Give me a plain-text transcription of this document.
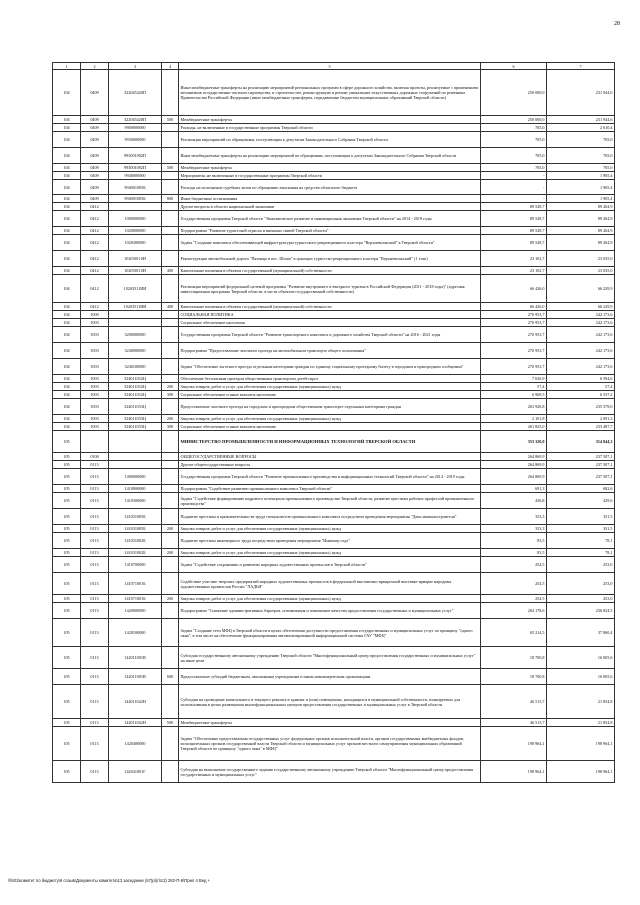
28
1	2	3	4	5	6	7
104	0409	322045420П		Иные межбюджетные трансферты на реализацию мероприятий региональных программ в сфере дорожного хозяйства, включая проекты, реализуемые с применением механизмов государственно-частного партнерства, и строительство, реконструкцию и ремонт уникальных искусственных дорожных сооружений по решениям Правительства Российской Федерации (иные межбюджетные трансферты, передаваемые бюджетам муниципальных образований Тверской области)	250 000,0	231 944,6
104	0409	322045420П	500	Межбюджетные трансферты	250 000,0	231 944,6
104	0409	9900000000		Расходы, не включенные в государственные программы Тверской области	705,0	2 610,4
104	0409	9930000000		Реализация мероприятий по обращениям, поступающим к депутатам Законодательного Собрания Тверской области	705,0	705,0
104	0409	993001092П		Иные межбюджетные трансферты на реализацию мероприятий по обращениям, поступающим к депутатам Законодательного Собрания Тверской области	705,0	705,0
104	0409	993001092П	500	Межбюджетные трансферты	705,0	705,0
104	0409	9940000000		Мероприятия, не включенные в государственные программы Тверской области	-	1 905,4
104	0409	994001005Б		Расходы на исполнение судебных актов по обращению взыскания на средства областного бюджета	-	1 905,4
104	0409	994001005Б	800	Иные бюджетные ассигнования	-	1 905,4
104	0412			Другие вопросы в области национальной экономики	89 528,7	89 264,9
104	0412	1000000000		Государственная программа Тверской области "Экономическое развитие и инновационная экономика Тверской области" на 2014 - 2019 годы	89 528,7	89 264,9
104	0412	1020000000		Подпрограмма "Развитие туристской отрасли и внешних связей Тверской области"	89 528,7	89 264,9
104	0412	1020300000		Задача "Создание комплекса обеспечивающей инфраструктуры туристского-рекреационного кластера "Верхневолжский" в Тверской области"	89 528,7	89 264,9
104	0412	102038110И		Реконструкция автомобильной дороги "Пятница в пос. Шоша" в границах туристско-рекреационного кластера "Верхневолжский" (1 этап)	23 102,7	23 035,0
104	0412	102038110И	400	Капитальные вложения в объекты государственной (муниципальной) собственности	23 102,7	23 035,0
104	0412	10203511ИИ		Реализация мероприятий федеральной целевой программы "Развитие внутреннего и въездного туризма в Российской Федерации (2011 - 2018 годы)" (адресная инвестиционная программа Тверской области, в части объектов государственной собственности)	66 426,0	66 229,9
104	0412	10203511ИИ	400	Капитальные вложения в объекты государственной (муниципальной) собственности	66 426,0	66 229,9
104	1000			СОЦИАЛЬНАЯ ПОЛИТИКА	270 953,7	242 173,6
104	1003			Социальное обеспечение населения	270 953,7	242 173,6
104	1003	3200000000		Государственная программа Тверской области "Развитие транспортного комплекса и дорожного хозяйства Тверской области" на 2016 - 2021 годы	270 953,7	242 173,6
104	1003	3240000000		Подпрограмма "Предоставление льготного проезда на автомобильном транспорте общего пользования"	270 953,7	242 173,6
104	1003	3240100000		Задача "Обеспечение льготного проезда отдельным категориям граждан по единому социальному проездному билету в городском и пригородном сообщении"	270 953,7	242 173,6
104	1003	324011032Ц		Обеспечение бесплатным проездом общественным транспортом детей-сирот	7 026,9	6 594,6
104	1003	324011032Ц	200	Закупка товаров, работ и услуг для обеспечения государственных (муниципальных) нужд	57,4	57,4
104	1003	324011032Ц	300	Социальное обеспечение и иные выплаты населению	6 969,5	6 537,2
104	1003	324011033Ц		Предоставление льготного проезда на городском и пригородном общественном транспорте отдельным категориям граждан	263 926,8	235 579,0
104	1003	324011033Ц	200	Закупка товаров, работ и услуг для обеспечения государственных (муниципальных) нужд	2 101,8	2 091,3
104	1003	324011033Ц	300	Социальное обеспечение и иные выплаты населению	261 825,0	233 487,7
105				МИНИСТЕРСТВО ПРОМЫШЛЕННОСТИ И ИНФОРМАЦИОННЫХ ТЕХНОЛОГИЙ ТВЕРСКОЙ ОБЛАСТИ	353 320,0	314 044,3
105	0100			ОБЩЕГОСУДАРСТВЕННЫЕ ВОПРОСЫ	264 869,9	237 507,1
105	0113			Другие общегосударственные вопросы	264 869,9	237 507,1
105	0113	1400000000		Государственная программа Тверской области "Развитие промышленного производства и информационных технологий Тверской области" на 2014 - 2019 годы	264 869,9	237 507,1
105	0113	1410000000		Подпрограмма "Содействие развитию промышленного комплекса Тверской области"	691,3	682,6
105	0113	1410300000		Задача "Содействие формированию кадрового потенциала промышленного производства Тверской области, развитие престижа рабочих профессий промышленного производства"	436,8	429,6
105	0113	141031005Б		Поднятие престижа и привлекательности труда специалистов промышленного комплекса посредством проведения мероприятия "День машиностроителя"	353,3	351,5
105	0113	141031005Б	200	Закупка товаров, работ и услуг для обеспечения государственных (муниципальных) нужд	353,3	351,5
105	0113	141031002Б		Поднятие престижа инженерного труда посредством проведения мероприятия "Инженер года"	83,5	78,1
105	0113	141031002Б	200	Закупка товаров, работ и услуг для обеспечения государственных (муниципальных) нужд	83,5	78,1
105	0113	1410700000		Задача "Содействие сохранению и развитию народных художественных промыслов в Тверской области"	254,5	253,0
105	0113	141071001Б		Содействие участию тверских предприятий народных художественных промыслов в федеральной выставочно-ярмарочной выставке-ярмарке народных художественных промыслов России "ЛАДЬЯ"	254,5	253,0
105	0113	141071001Б	200	Закупка товаров, работ и услуг для обеспечения государственных (муниципальных) нужд	254,5	253,0
105	0113	1420000000		Подпрограмма "Снижение административных барьеров, оптимизация и повышение качества предоставления государственных и муниципальных услуг"	264 178,6	236 824,5
105	0113	1420100000		Задача "Создание сети МФЦ в Тверской области в целях обеспечения доступности предоставления государственных и муниципальных услуг по принципу "одного окна", в том числе на обеспечение функционирования автоматизированной информационной системы ГАУ "МФЦ"	65 214,5	37 860,4
105	0113	142011001В		Субсидия государственному автономному учреждению Тверской области "Многофункциональный центр предоставления государственных и муниципальных услуг" на иные цели	18 700,8	16 005,6
105	0113	142011001В	600	Предоставление субсидий бюджетным, автономным учреждениям и иным некоммерческим организациям	18 700,8	16 005,6
105	0113	142011042Н		Субсидии на проведение капитального и текущего ремонта в зданиях и (или) помещениях, находящихся в муниципальной собственности, планируемых для использования в целях размещения многофункциональных центров предоставления государственных и муниципальных услуг в Тверской области	46 513,7	21 854,8
105	0113	142011042Н	500	Межбюджетные трансферты	46 513,7	21 854,8
105	0113	1420400000		Задача "Обеспечение предоставления государственных услуг федеральных органов исполнительной власти, органов государственных внебюджетных фондов, исполнительных органов государственной власти Тверской области и муниципальных услуг органов местного самоуправления муниципальных образований Тверской области по принципу "одного окна" в МФЦ"	198 964,1	198 964,1
105	0113	142041001Г		Субсидия на выполнение государственного задания государственному автономному учреждению Тверской области "Многофункциональный центр предоставления государственных и муниципальных услуг"	198 964,1	198 964,1
\\fs01\комитет по бюджету\6 созыв\Документы комитета\13 заседание (67)р\(п\13) 282-П-6\Прил 4 Вед +
